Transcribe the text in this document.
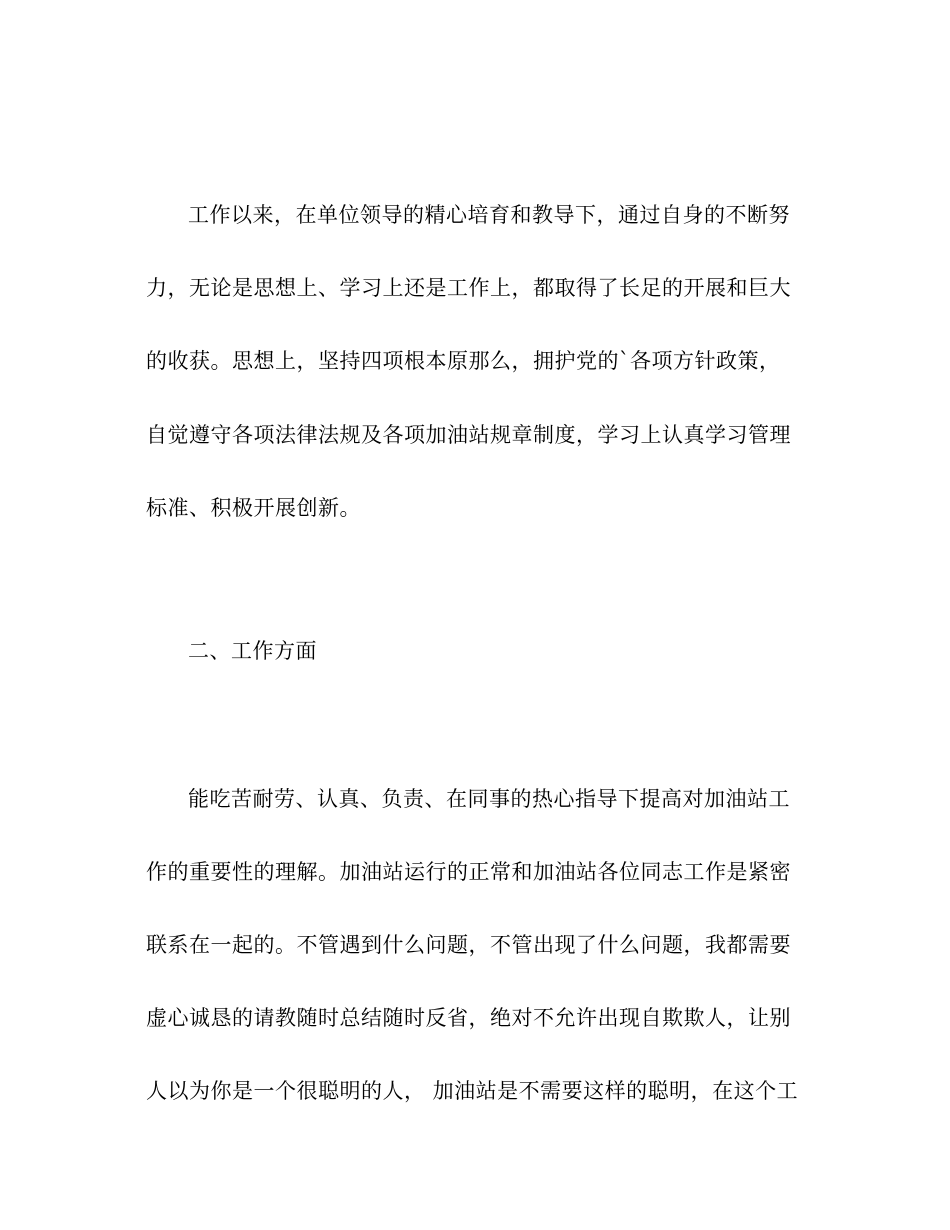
工作以来，在单位领导的精心培育和教导下，通过自身的不断努
力，无论是思想上、学习上还是工作上，都取得了长足的开展和巨大
的收获。思想上，坚持四项根本原那么，拥护党的`各项方针政策，
自觉遵守各项法律法规及各项加油站规章制度，学习上认真学习管理
标准、积极开展创新。
二、工作方面
能吃苦耐劳、认真、负责、在同事的热心指导下提高对加油站工
作的重要性的理解。加油站运行的正常和加油站各位同志工作是紧密
联系在一起的。不管遇到什么问题，不管出现了什么问题，我都需要
虚心诚恳的请教随时总结随时反省，绝对不允许出现自欺欺人，让别
人以为你是一个很聪明的人， 加油站是不需要这样的聪明，在这个工
